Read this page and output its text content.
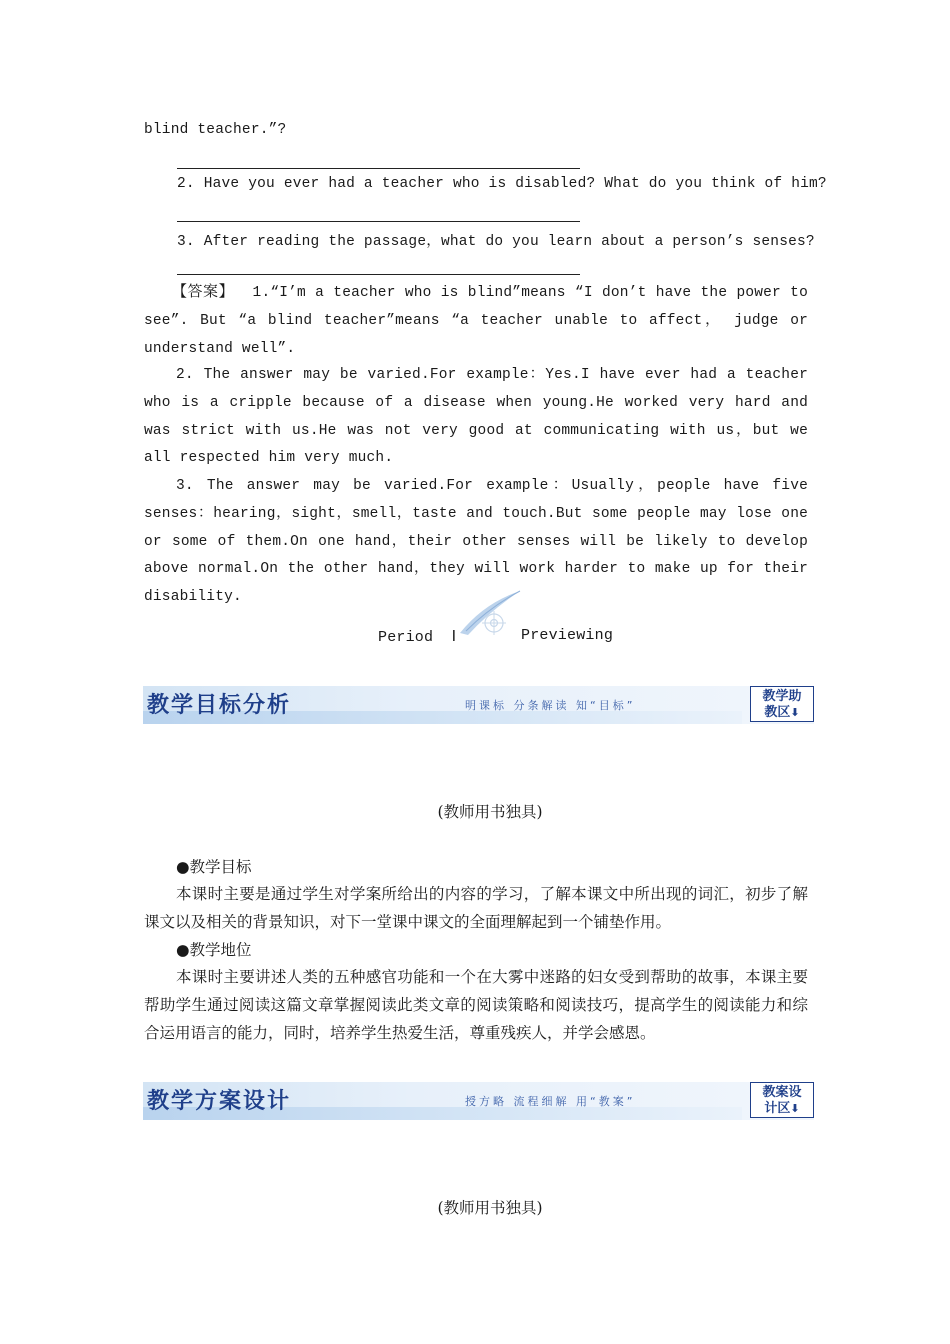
blind teacher.”?
2. Have you ever had a teacher who is disabled? What do you think of him?
3. After reading the passage，what do you learn about a person’s senses?
【答案】 1.“I’m a teacher who is blind”means “I don’t have the power to see”. But “a blind teacher”means “a teacher unable to affect， judge or understand well”.
2. The answer may be varied.For example：Yes.I have ever had a teacher who is a cripple because of a disease when young.He worked very hard and was strict with us.He was not very good at communicating with us，but we all respected him very much.
3. The answer may be varied.For example：Usually，people have five senses：hearing，sight，smell，taste and touch.But some people may lose one or some of them.On one hand，their other senses will be likely to develop above normal.On the other hand，they will work harder to make up for their disability.
Period Ⅰ	Previewing
教学目标分析	明课标 分条解读 知“目标”
教学助
教区⬇
(教师用书独具)
●教学目标
本课时主要是通过学生对学案所给出的内容的学习，了解本课文中所出现的词汇，初步了解课文以及相关的背景知识，对下一堂课中课文的全面理解起到一个铺垫作用。
●教学地位
本课时主要讲述人类的五种感官功能和一个在大雾中迷路的妇女受到帮助的故事，本课主要帮助学生通过阅读这篇文章掌握阅读此类文章的阅读策略和阅读技巧，提高学生的阅读能力和综合运用语言的能力，同时，培养学生热爱生活，尊重残疾人，并学会感恩。
教学方案设计	授方略 流程细解 用“教案”
教案设
计区⬇
(教师用书独具)
